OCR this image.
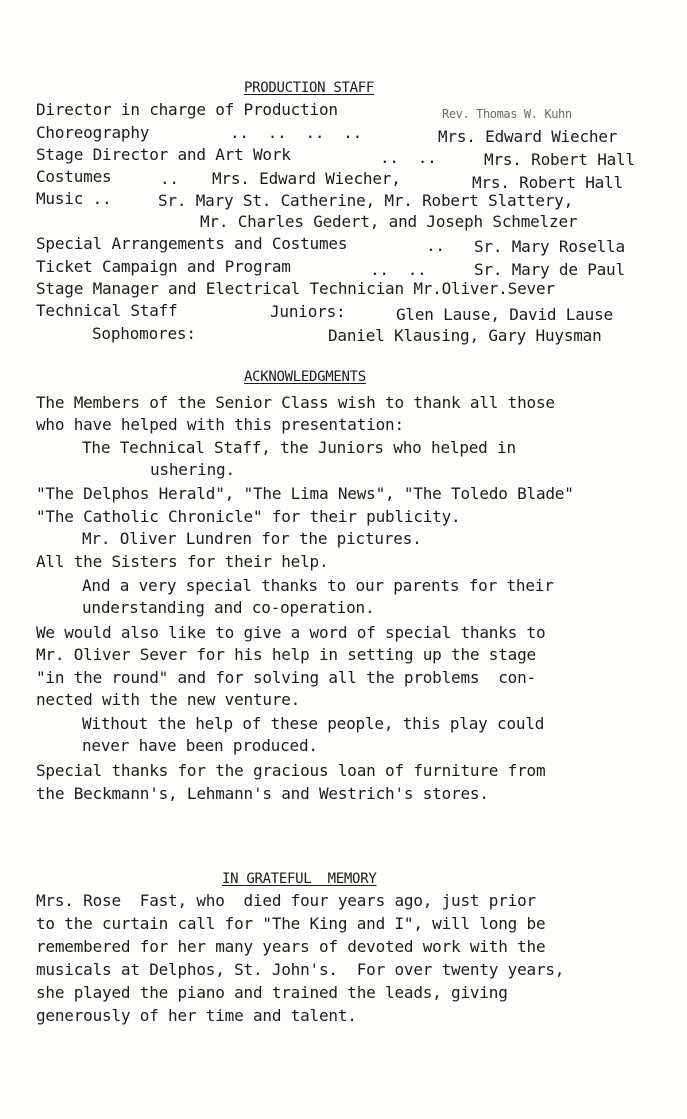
PRODUCTION STAFF
Director in charge of Production	Rev. Thomas W. Kuhn
Choreography	..  ..  ..  ..	Mrs. Edward Wiecher
Stage Director and Art Work	..  ..	Mrs. Robert Hall
Costumes	.. Mrs. Edward Wiecher,	Mrs. Robert Hall
Music ..	Sr. Mary St. Catherine, Mr. Robert Slattery,
Mr. Charles Gedert, and Joseph Schmelzer
Special Arrangements and Costumes	.. Sr. Mary Rosella
Ticket Campaign and Program	..  ..	Sr. Mary de Paul
Stage Manager and Electrical Technician Mr.Oliver.Sever
Technical Staff	Juniors:	Glen Lause, David Lause
Sophomores:	Daniel Klausing, Gary Huysman
ACKNOWLEDGMENTS
The Members of the Senior Class wish to thank all those
who have helped with this presentation:
The Technical Staff, the Juniors who helped in
ushering.
"The Delphos Herald", "The Lima News", "The Toledo Blade"
"The Catholic Chronicle" for their publicity.
Mr. Oliver Lundren for the pictures.
All the Sisters for their help.
And a very special thanks to our parents for their
understanding and co-operation.
We would also like to give a word of special thanks to
Mr. Oliver Sever for his help in setting up the stage
"in the round" and for solving all the problems  con-
nected with the new venture.
Without the help of these people, this play could
never have been produced.
Special thanks for the gracious loan of furniture from
the Beckmann's, Lehmann's and Westrich's stores.
IN GRATEFUL  MEMORY
Mrs. Rose  Fast, who  died four years ago, just prior
to the curtain call for "The King and I", will long be
remembered for her many years of devoted work with the
musicals at Delphos, St. John's.  For over twenty years,
she played the piano and trained the leads, giving
generously of her time and talent.
